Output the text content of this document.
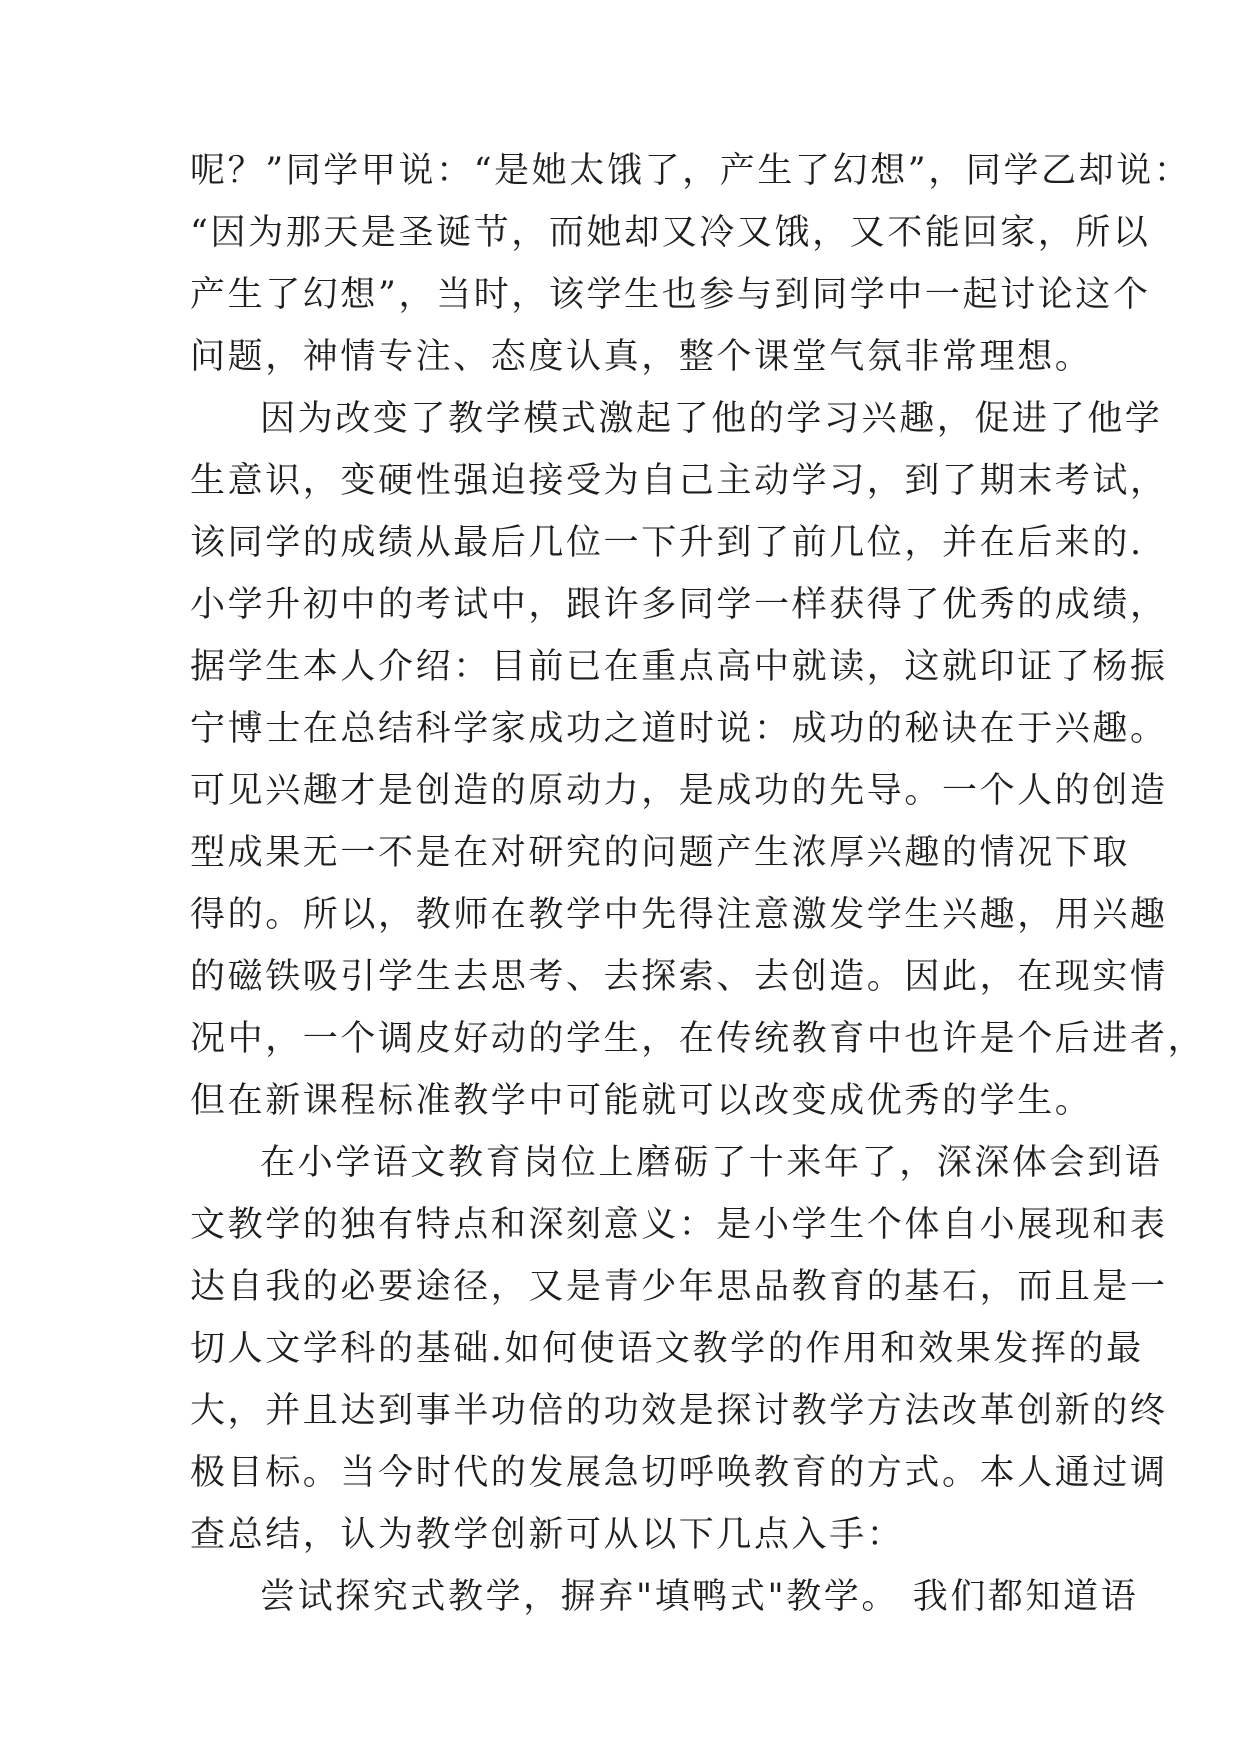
呢？”同学甲说：“是她太饿了，产生了幻想”，同学乙却说：
“因为那天是圣诞节，而她却又冷又饿，又不能回家，所以
产生了幻想”，当时，该学生也参与到同学中一起讨论这个
问题，神情专注、态度认真，整个课堂气氛非常理想。
因为改变了教学模式激起了他的学习兴趣，促进了他学
生意识，变硬性强迫接受为自己主动学习，到了期末考试，
该同学的成绩从最后几位一下升到了前几位，并在后来的.
小学升初中的考试中，跟许多同学一样获得了优秀的成绩，
据学生本人介绍：目前已在重点高中就读，这就印证了杨振
宁博士在总结科学家成功之道时说：成功的秘诀在于兴趣。
可见兴趣才是创造的原动力，是成功的先导。一个人的创造
型成果无一不是在对研究的问题产生浓厚兴趣的情况下取
得的。所以，教师在教学中先得注意激发学生兴趣，用兴趣
的磁铁吸引学生去思考、去探索、去创造。因此，在现实情
况中，一个调皮好动的学生，在传统教育中也许是个后进者，
但在新课程标准教学中可能就可以改变成优秀的学生。
在小学语文教育岗位上磨砺了十来年了，深深体会到语
文教学的独有特点和深刻意义：是小学生个体自小展现和表
达自我的必要途径，又是青少年思品教育的基石，而且是一
切人文学科的基础.如何使语文教学的作用和效果发挥的最
大，并且达到事半功倍的功效是探讨教学方法改革创新的终
极目标。当今时代的发展急切呼唤教育的方式。本人通过调
查总结，认为教学创新可从以下几点入手：
尝试探究式教学，摒弃"填鸭式"教学。 我们都知道语
